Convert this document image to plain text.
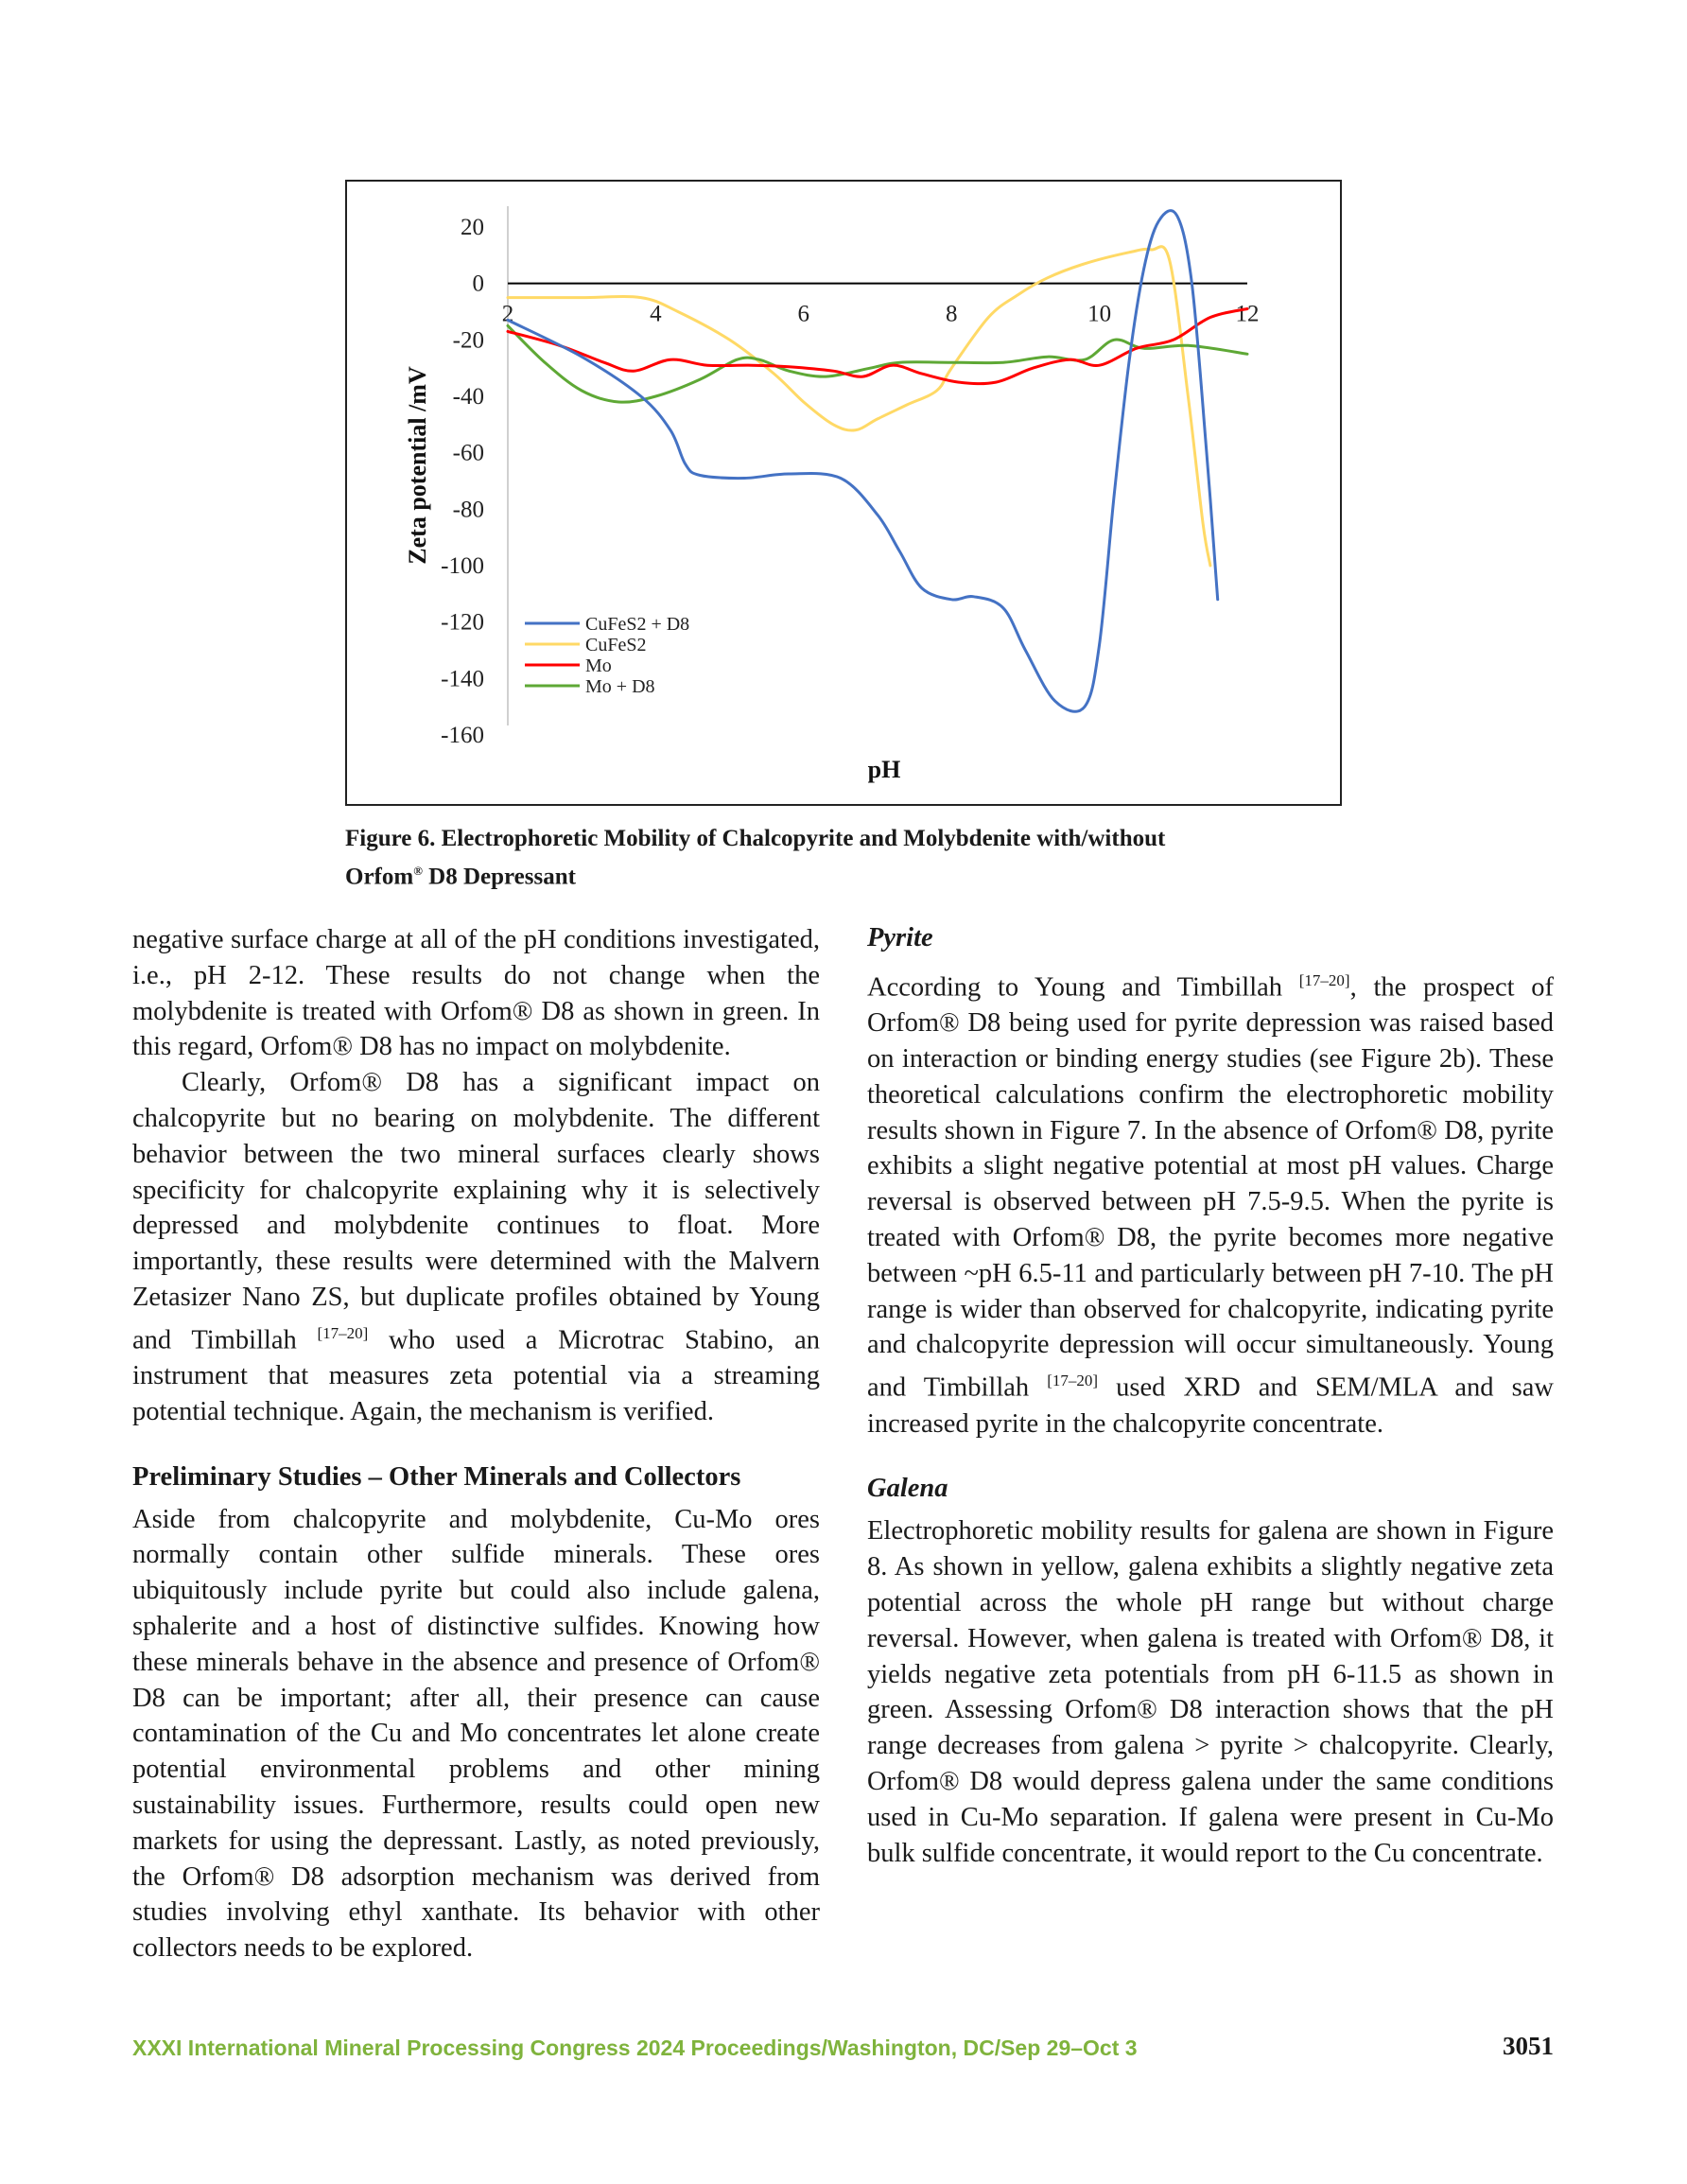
20
0
-20
-40
-60
-80
-100
-120
-140
-160
2	4	6	8	10	12
Zeta potential /mV
pH
CuFeS2 + D8
CuFeS2
Mo
Mo + D8
Figure 6. Electrophoretic Mobility of Chalcopyrite and Molybdenite with/without
Orfom® D8 Depressant

negative surface charge at all of the pH conditions investigated, i.e., pH 2-12. These results do not change when the molybdenite is treated with Orfom® D8 as shown in green. In this regard, Orfom® D8 has no impact on molybdenite.

Clearly, Orfom® D8 has a significant impact on chalcopyrite but no bearing on molybdenite. The different behavior between the two mineral surfaces clearly shows specificity for chalcopyrite explaining why it is selectively depressed and molybdenite continues to float. More importantly, these results were determined with the Malvern Zetasizer Nano ZS, but duplicate profiles obtained by Young and Timbillah [17–20] who used a Microtrac Stabino, an instrument that measures zeta potential via a streaming potential technique. Again, the mechanism is verified.

Preliminary Studies – Other Minerals and Collectors

Aside from chalcopyrite and molybdenite, Cu-Mo ores normally contain other sulfide minerals. These ores ubiquitously include pyrite but could also include galena, sphalerite and a host of distinctive sulfides. Knowing how these minerals behave in the absence and presence of Orfom® D8 can be important; after all, their presence can cause contamination of the Cu and Mo concentrates let alone create potential environmental problems and other mining sustainability issues. Furthermore, results could open new markets for using the depressant. Lastly, as noted previously, the Orfom® D8 adsorption mechanism was derived from studies involving ethyl xanthate. Its behavior with other collectors needs to be explored.

Pyrite

According to Young and Timbillah [17–20], the prospect of Orfom® D8 being used for pyrite depression was raised based on interaction or binding energy studies (see Figure 2b). These theoretical calculations confirm the electrophoretic mobility results shown in Figure 7. In the absence of Orfom® D8, pyrite exhibits a slight negative potential at most pH values. Charge reversal is observed between pH 7.5-9.5. When the pyrite is treated with Orfom® D8, the pyrite becomes more negative between ~pH 6.5-11 and particularly between pH 7-10. The pH range is wider than observed for chalcopyrite, indicating pyrite and chalcopyrite depression will occur simultaneously. Young and Timbillah [17–20] used XRD and SEM/MLA and saw increased pyrite in the chalcopyrite concentrate.

Galena

Electrophoretic mobility results for galena are shown in Figure 8. As shown in yellow, galena exhibits a slightly negative zeta potential across the whole pH range but without charge reversal. However, when galena is treated with Orfom® D8, it yields negative zeta potentials from pH 6-11.5 as shown in green. Assessing Orfom® D8 interaction shows that the pH range decreases from galena > pyrite > chalcopyrite. Clearly, Orfom® D8 would depress galena under the same conditions used in Cu-Mo separation. If galena were present in Cu-Mo bulk sulfide concentrate, it would report to the Cu concentrate.

XXXI International Mineral Processing Congress 2024 Proceedings/Washington, DC/Sep 29–Oct 3	3051
